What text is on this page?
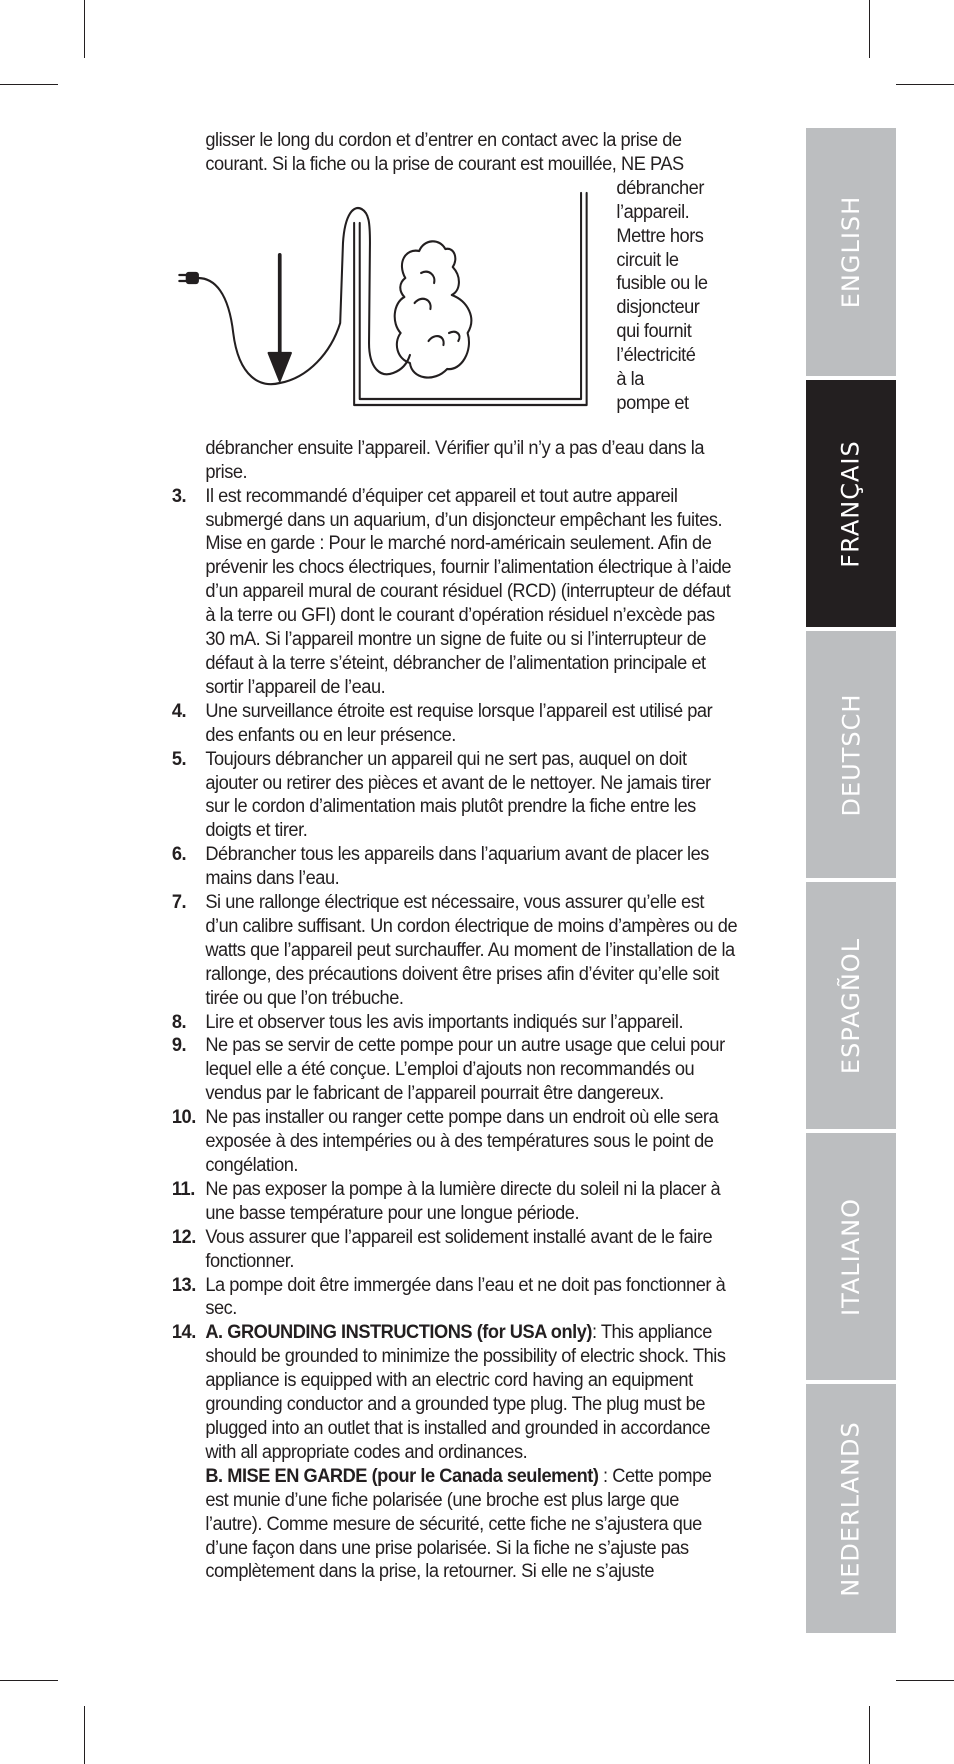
glisser le long du cordon et d’entrer en contact avec la prise de courant. Si la fiche ou la prise de courant est mouillée, NE PAS

débrancher
l’appareil.
Mettre hors
circuit le
fusible ou le
disjoncteur
qui fournit
l’électricité
à la
pompe et

débrancher ensuite l’appareil. Vérifier qu’il n’y a pas d’eau dans la prise.

3. Il est recommandé d’équiper cet appareil et tout autre appareil submergé dans un aquarium, d’un disjoncteur empêchant les fuites. Mise en garde : Pour le marché nord-américain seulement. Afin de prévenir les chocs électriques, fournir l’alimentation électrique à l’aide d’un appareil mural de courant résiduel (RCD) (interrupteur de défaut à la terre ou GFI) dont le courant d’opération résiduel n’excède pas 30 mA. Si l’appareil montre un signe de fuite ou si l’interrupteur de défaut à la terre s’éteint, débrancher de l’alimentation principale et sortir l’appareil de l’eau.
4. Une surveillance étroite est requise lorsque l’appareil est utilisé par des enfants ou en leur présence.
5. Toujours débrancher un appareil qui ne sert pas, auquel on doit ajouter ou retirer des pièces et avant de le nettoyer. Ne jamais tirer sur le cordon d’alimentation mais plutôt prendre la fiche entre les doigts et tirer.
6. Débrancher tous les appareils dans l’aquarium avant de placer les mains dans l’eau.
7. Si une rallonge électrique est nécessaire, vous assurer qu’elle est d’un calibre suffisant. Un cordon électrique de moins d’ampères ou de watts que l’appareil peut surchauffer. Au moment de l’installation de la rallonge, des précautions doivent être prises afin d’éviter qu’elle soit tirée ou que l’on trébuche.
8. Lire et observer tous les avis importants indiqués sur l’appareil.
9. Ne pas se servir de cette pompe pour un autre usage que celui pour lequel elle a été conçue. L’emploi d’ajouts non recommandés ou vendus par le fabricant de l’appareil pourrait être dangereux.
10. Ne pas installer ou ranger cette pompe dans un endroit où elle sera exposée à des intempéries ou à des températures sous le point de congélation.
11. Ne pas exposer la pompe à la lumière directe du soleil ni la placer à une basse température pour une longue période.
12. Vous assurer que l’appareil est solidement installé avant de le faire fonctionner.
13. La pompe doit être immergée dans l’eau et ne doit pas fonctionner à sec.
14. A. GROUNDING INSTRUCTIONS (for USA only): This appliance should be grounded to minimize the possibility of electric shock. This appliance is equipped with an electric cord having an equipment grounding conductor and a grounded type plug. The plug must be plugged into an outlet that is installed and grounded in accordance with all appropriate codes and ordinances.

B. MISE EN GARDE (pour le Canada seulement) : Cette pompe est munie d’une fiche polarisée (une broche est plus large que l’autre). Comme mesure de sécurité, cette fiche ne s’ajustera que d’une façon dans une prise polarisée. Si la fiche ne s’ajuste pas complètement dans la prise, la retourner. Si elle ne s’ajuste

ENGLISH
FRANÇAIS
DEUTSCH
ESPAGÑOL
ITALIANO
NEDERLANDS
